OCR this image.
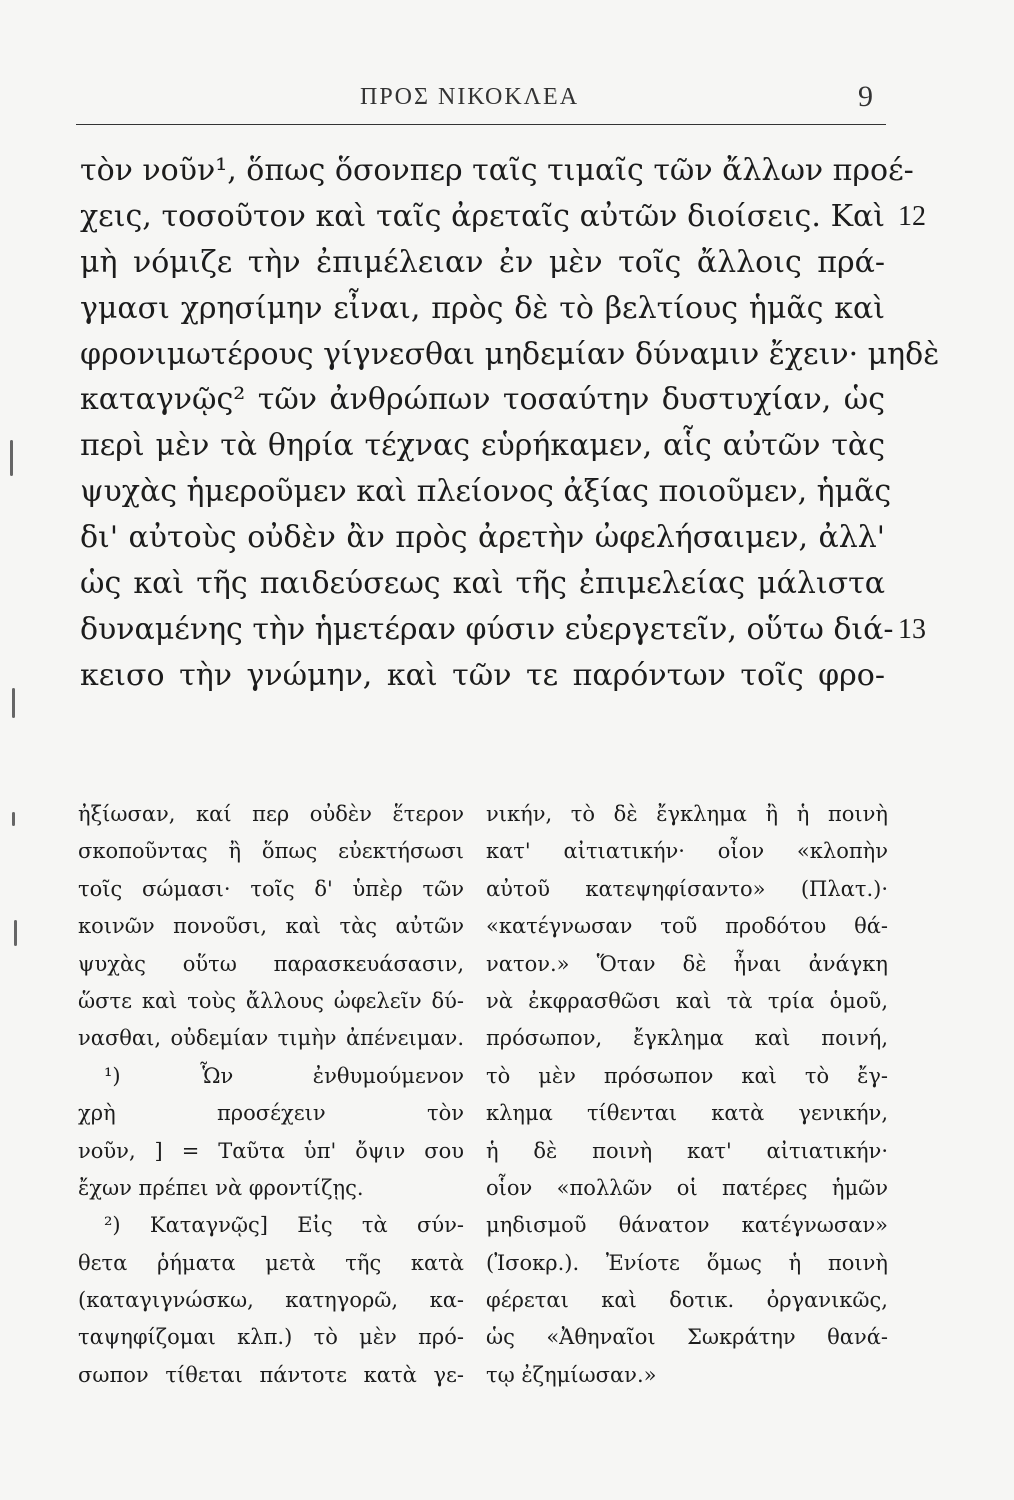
ΠΡΟΣ ΝΙΚΟΚΛΕΑ	9
τὸν νοῦν¹, ὅπως ὅσονπερ ταῖς τιμαῖς τῶν ἄλλων προέ-
χεις, τοσοῦτον καὶ ταῖς ἀρεταῖς αὐτῶν διοίσεις. Καὶ 12
μὴ νόμιζε τὴν ἐπιμέλειαν ἐν μὲν τοῖς ἄλλοις πρά-
γμασι χρησίμην εἶναι, πρὸς δὲ τὸ βελτίους ἡμᾶς καὶ
φρονιμωτέρους γίγνεσθαι μηδεμίαν δύναμιν ἔχειν· μηδὲ
καταγνῷς² τῶν ἀνθρώπων τοσαύτην δυστυχίαν, ὡς
περὶ μὲν τὰ θηρία τέχνας εὑρήκαμεν, αἷς αὐτῶν τὰς
ψυχὰς ἡμεροῦμεν καὶ πλείονος ἀξίας ποιοῦμεν, ἡμᾶς
δι' αὐτοὺς οὐδὲν ἂν πρὸς ἀρετὴν ὠφελήσαιμεν, ἀλλ'
ὡς καὶ τῆς παιδεύσεως καὶ τῆς ἐπιμελείας μάλιστα
δυναμένης τὴν ἡμετέραν φύσιν εὐεργετεῖν, οὕτω διά- 13
κεισο τὴν γνώμην, καὶ τῶν τε παρόντων τοῖς φρο-
ἠξίωσαν, καί περ οὐδὲν ἕτερον
σκοποῦντας ἢ ὅπως εὐεκτήσωσι
τοῖς σώμασι· τοῖς δ' ὑπὲρ τῶν
κοινῶν πονοῦσι, καὶ τὰς αὐτῶν
ψυχὰς οὕτω παρασκευάσασιν,
ὥστε καὶ τοὺς ἄλλους ὠφελεῖν δύ-
νασθαι, οὐδεμίαν τιμὴν ἀπένειμαν.
¹) Ὧν ἐνθυμούμενον
χρὴ προσέχειν τὸν
νοῦν, ] = Ταῦτα ὑπ' ὄψιν σου
ἔχων πρέπει νὰ φροντίζῃς.
²) Καταγνῷς] Εἰς τὰ σύν-
θετα ῥήματα μετὰ τῆς κατὰ
(καταγιγνώσκω, κατηγορῶ, κα-
ταψηφίζομαι κλπ.) τὸ μὲν πρό-
σωπον τίθεται πάντοτε κατὰ γε-
νικήν, τὸ δὲ ἔγκλημα ἢ ἡ ποινὴ
κατ' αἰτιατικήν· οἷον «κλοπὴν
αὐτοῦ κατεψηφίσαντο» (Πλατ.)·
«κατέγνωσαν τοῦ προδότου θά-
νατον.» Ὅταν δὲ ἦναι ἀνάγκη
νὰ ἐκφρασθῶσι καὶ τὰ τρία ὁμοῦ,
πρόσωπον, ἔγκλημα καὶ ποινή,
τὸ μὲν πρόσωπον καὶ τὸ ἔγ-
κλημα τίθενται κατὰ γενικήν,
ἡ δὲ ποινὴ κατ' αἰτιατικήν·
οἷον «πολλῶν οἱ πατέρες ἡμῶν
μηδισμοῦ θάνατον κατέγνωσαν»
(Ἰσοκρ.). Ἐνίοτε ὅμως ἡ ποινὴ
φέρεται καὶ δοτικ. ὀργανικῶς,
ὡς «Ἀθηναῖοι Σωκράτην θανά-
τῳ ἐζημίωσαν.»
